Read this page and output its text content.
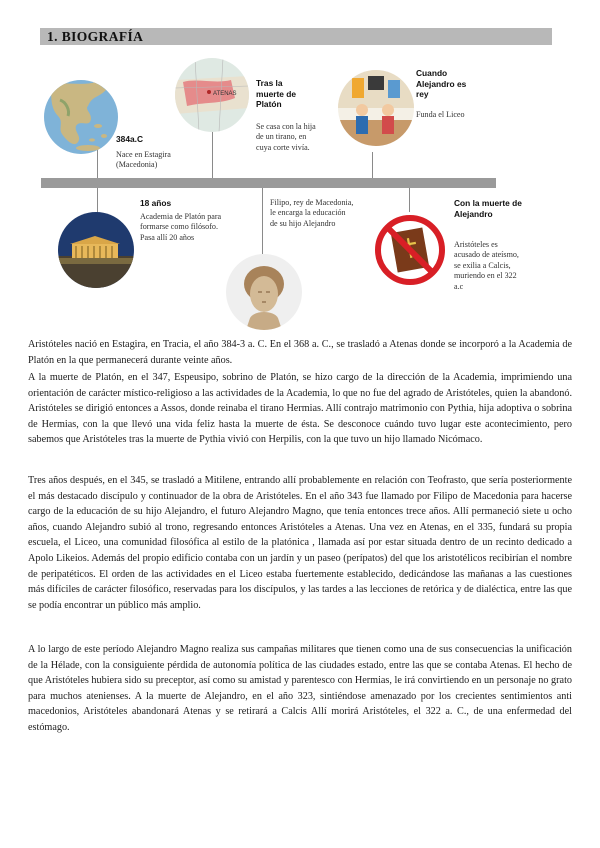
1. BIOGRAFÍA
384a.C
Nace en Estagira (Macedonia)
ATENAS
Tras la muerte de Platón
Se casa con la hija de un tirano, en cuya corte vivía.
Cuando Alejandro es rey
Funda el Liceo
18 años
Academia de Platón para formarse como filósofo. Pasa allí 20 años
Filipo, rey de Macedonia, le encarga la educación de su hijo Alejandro
Con la muerte de Alejandro
Aristóteles es acusado de ateísmo, se exilia a Calcis, muriendo en el 322 a.c

Aristóteles nació en Estagira, en Tracia, el año 384-3 a. C. En el 368 a. C., se trasladó a Atenas donde se incorporó a la Academia de Platón en la que permanecerá durante veinte años.

A la muerte de Platón, en el 347, Espeusipo, sobrino de Platón, se hizo cargo de la dirección de la Academia, imprimiendo una orientación de carácter místico-religioso a las actividades de la Academia, lo que no fue del agrado de Aristóteles, quien la abandonó. Aristóteles se dirigió entonces a Assos, donde reinaba el tirano Hermias. Allí contrajo matrimonio con Pythia, hija adoptiva o sobrina de Hermias, con la que llevó una vida feliz hasta la muerte de ésta. Se desconoce cuándo tuvo lugar este acontecimiento, pero sabemos que Aristóteles tras la muerte de Pythia vivió con Herpilis, con la que tuvo un hijo llamado Nicómaco.

Tres años después, en el 345, se trasladó a Mitilene, entrando allí probablemente en relación con Teofrasto, que sería posteriormente el más destacado discípulo y continuador de la obra de Aristóteles. En el año 343 fue llamado por Filipo de Macedonia para hacerse cargo de la educación de su hijo Alejandro, el futuro Alejandro Magno, que tenía entonces trece años. Allí permaneció siete u ocho años, cuando Alejandro subió al trono, regresando entonces Aristóteles a Atenas. Una vez en Atenas, en el 335, fundará su propia escuela, el Liceo, una comunidad filosófica al estilo de la platónica , llamada así por estar situada dentro de un recinto dedicado a Apolo Likeios. Además del propio edificio contaba con un jardín y un paseo (perípatos) del que los aristotélicos recibirían el nombre de peripatéticos. El orden de las actividades en el Liceo estaba fuertemente establecido, dedicándose las mañanas a las cuestiones más difíciles de carácter filosófico, reservadas para los discípulos, y las tardes a las lecciones de retórica y de dialéctica, entre las que se podía encontrar un público más amplio.

A lo largo de este período Alejandro Magno realiza sus campañas militares que tienen como una de sus consecuencias la unificación de la Hélade, con la consiguiente pérdida de autonomía política de las ciudades estado, entre las que se contaba Atenas. El hecho de que Aristóteles hubiera sido su preceptor, así como su amistad y parentesco con Hermias, le irá convirtiendo en un personaje no grato para muchos atenienses. A la muerte de Alejandro, en el año 323, sintiéndose amenazado por los crecientes sentimientos anti macedonios, Aristóteles abandonará Atenas y se retirará a Calcis Allí morirá Aristóteles, el 322 a. C., de una enfermedad del estómago.
